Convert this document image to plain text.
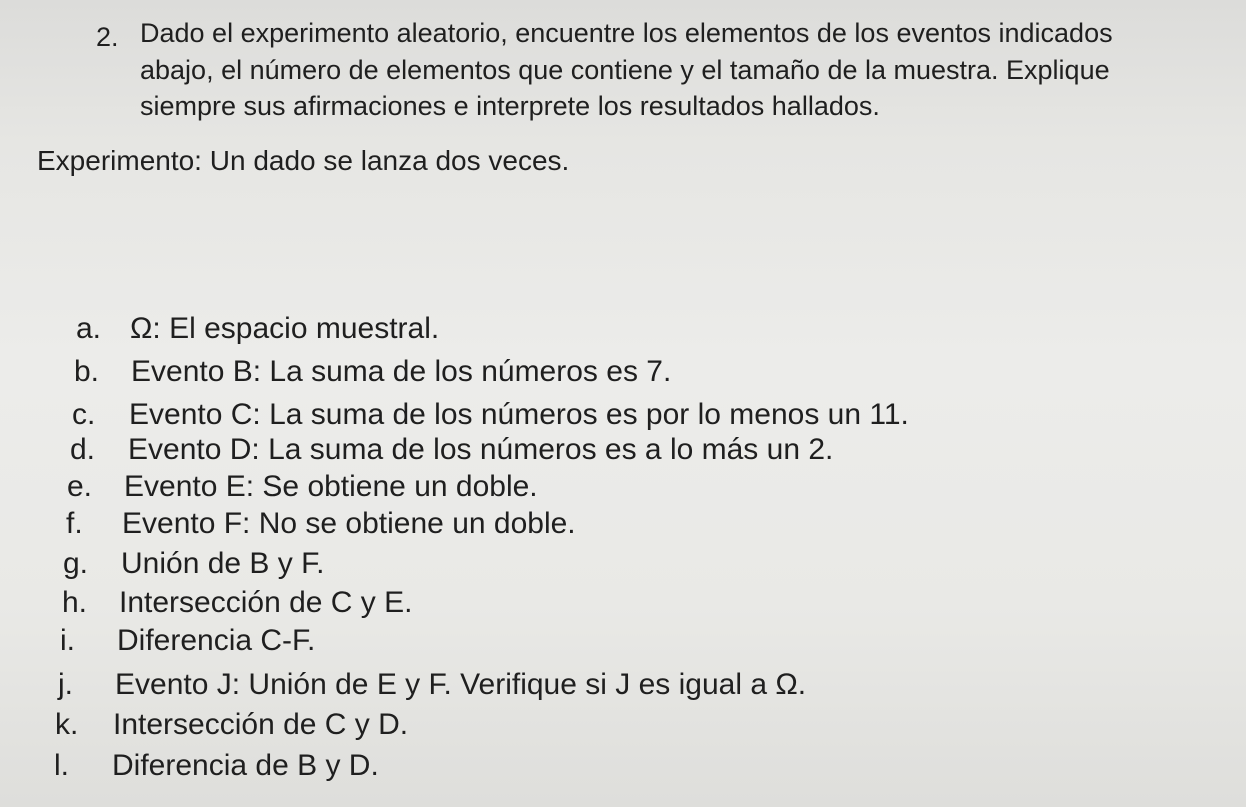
2. Dado el experimento aleatorio, encuentre los elementos de los eventos indicados
abajo, el número de elementos que contiene y el tamaño de la muestra. Explique
siempre sus afirmaciones e interprete los resultados hallados.
Experimento: Un dado se lanza dos veces.
a. Ω: El espacio muestral.
b. Evento B: La suma de los números es 7.
c. Evento C: La suma de los números es por lo menos un 11.
d. Evento D: La suma de los números es a lo más un 2.
e. Evento E: Se obtiene un doble.
f. Evento F: No se obtiene un doble.
g. Unión de B y F.
h. Intersección de C y E.
i. Diferencia C-F.
j. Evento J: Unión de E y F. Verifique si J es igual a Ω.
k. Intersección de C y D.
l. Diferencia de B y D.
